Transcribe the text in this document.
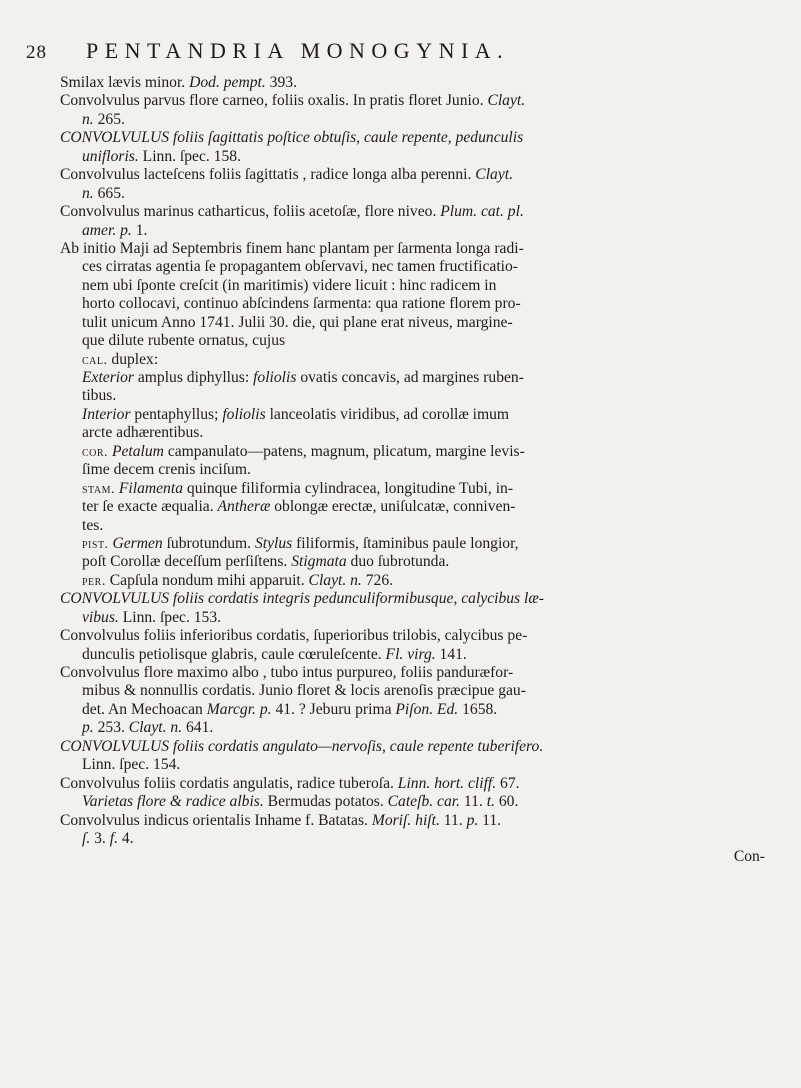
28	PENTANDRIA MONOGYNIA.
Smilax lævis minor. Dod. pempt. 393.
Convolvulus parvus flore carneo, foliis oxalis. In pratis floret Junio. Clayt.
n. 265.
CONVOLVULUS foliis ſagittatis poſtice obtuſis, caule repente, pedunculis
unifloris. Linn. ſpec. 158.
Convolvulus lacteſcens foliis ſagittatis , radice longa alba perenni. Clayt.
n. 665.
Convolvulus marinus catharticus, foliis acetoſæ, flore niveo. Plum. cat. pl.
amer. p. 1.
Ab initio Maji ad Septembris finem hanc plantam per ſarmenta longa radi-
ces cirratas agentia ſe propagantem obſervavi, nec tamen fructificatio-
nem ubi ſponte creſcit (in maritimis) videre licuit : hinc radicem in
horto collocavi, continuo abſcindens ſarmenta: qua ratione florem pro-
tulit unicum Anno 1741. Julii 30. die, qui plane erat niveus, margine-
que dilute rubente ornatus, cujus
cal. duplex:
Exterior amplus diphyllus: foliolis ovatis concavis, ad margines ruben-
tibus.
Interior pentaphyllus; foliolis lanceolatis viridibus, ad corollæ imum
arcte adhærentibus.
cor. Petalum campanulato—patens, magnum, plicatum, margine levis-
ſime decem crenis inciſum.
stam. Filamenta quinque filiformia cylindracea, longitudine Tubi, in-
ter ſe exacte æqualia. Antheræ oblongæ erectæ, uniſulcatæ, conniven-
tes.
pist. Germen ſubrotundum. Stylus filiformis, ſtaminibus paule longior,
poſt Corollæ deceſſum perſiſtens. Stigmata duo ſubrotunda.
per. Capſula nondum mihi apparuit. Clayt. n. 726.
CONVOLVULUS foliis cordatis integris pedunculiformibusque, calycibus læ-
vibus. Linn. ſpec. 153.
Convolvulus foliis inferioribus cordatis, ſuperioribus trilobis, calycibus pe-
dunculis petiolisque glabris, caule cœruleſcente. Fl. virg. 141.
Convolvulus flore maximo albo , tubo intus purpureo, foliis panduræfor-
mibus & nonnullis cordatis. Junio floret & locis arenoſis præcipue gau-
det. An Mechoacan Marcgr. p. 41. ? Jeburu prima Piſon. Ed. 1658.
p. 253. Clayt. n. 641.
CONVOLVULUS foliis cordatis angulato—nervoſis, caule repente tuberifero.
Linn. ſpec. 154.
Convolvulus foliis cordatis angulatis, radice tuberoſa. Linn. hort. cliff. 67.
Varietas flore & radice albis. Bermudas potatos. Cateſb. car. 11. t. 60.
Convolvulus indicus orientalis Inhame f. Batatas. Moriſ. hiſt. 11. p. 11.
ſ. 3. f. 4.
Con-
